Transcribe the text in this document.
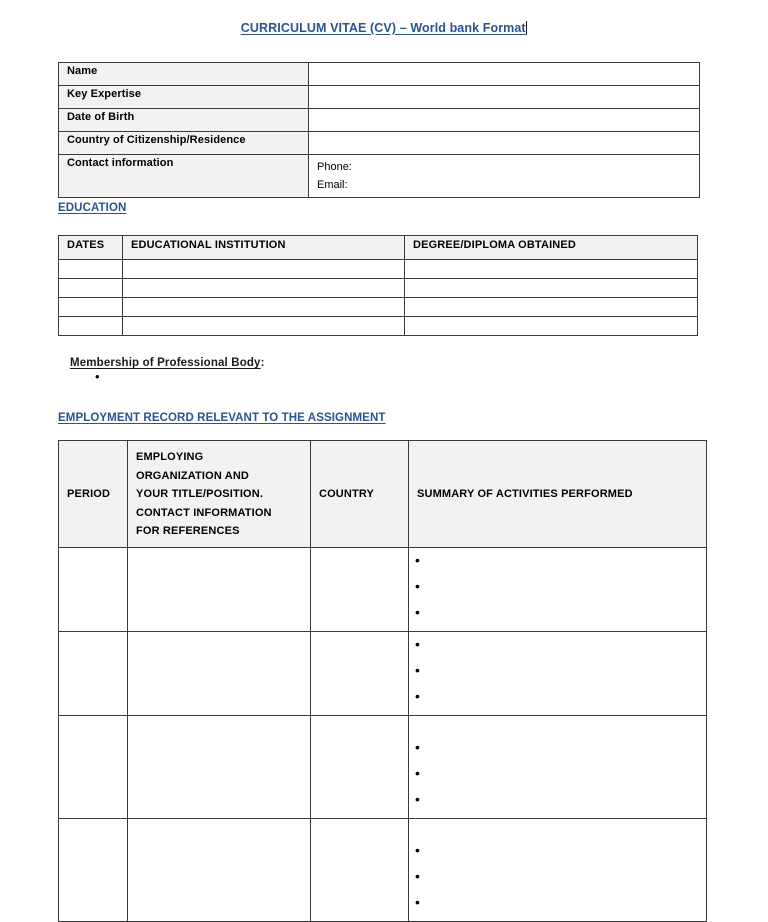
CURRICULUM VITAE (CV) – World bank Format
Name	
Key Expertise	
Date of Birth	
Country of Citizenship/Residence	
Contact information	Phone:
Email:
EDUCATION
DATES	EDUCATIONAL INSTITUTION	DEGREE/DIPLOMA OBTAINED

Membership of Professional Body:
•
EMPLOYMENT RECORD RELEVANT TO THE ASSIGNMENT
PERIOD	EMPLOYING
ORGANIZATION AND
YOUR TITLE/POSITION.
CONTACT INFORMATION
FOR REFERENCES	COUNTRY	SUMMARY OF ACTIVITIES PERFORMED

•
•
•

•
•
•

•
•
•

•
•
•
